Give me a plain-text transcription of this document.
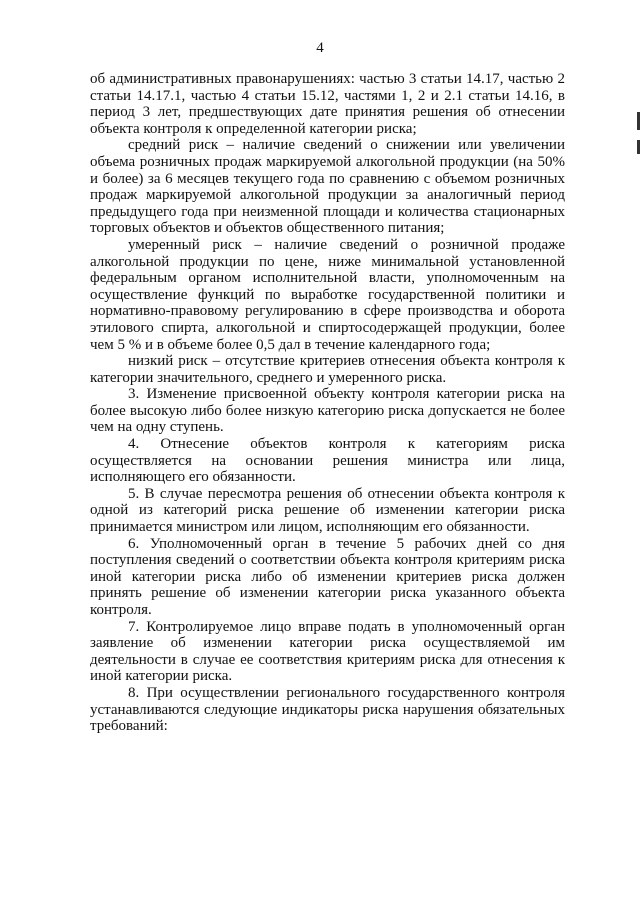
4

об административных правонарушениях: частью 3 статьи 14.17, частью 2 статьи 14.17.1, частью 4 статьи 15.12, частями 1, 2 и 2.1 статьи 14.16, в период 3 лет, предшествующих дате принятия решения об отнесении объекта контроля к определенной категории риска;

средний риск – наличие сведений о снижении или увеличении объема розничных продаж маркируемой алкогольной продукции (на 50% и более) за 6 месяцев текущего года по сравнению с объемом розничных продаж маркируемой алкогольной продукции за аналогичный период предыдущего года при неизменной площади и количества стационарных торговых объектов и объектов общественного питания;

умеренный риск – наличие сведений о розничной продаже алкогольной продукции по цене, ниже минимальной установленной федеральным органом исполнительной власти, уполномоченным на осуществление функций по выработке государственной политики и нормативно-правовому регулированию в сфере производства и оборота этилового спирта, алкогольной и спиртосодержащей продукции, более чем 5 % и в объеме более 0,5 дал в течение календарного года;

низкий риск – отсутствие критериев отнесения объекта контроля к категории значительного, среднего и умеренного риска.

3. Изменение присвоенной объекту контроля категории риска на более высокую либо более низкую категорию риска допускается не более чем на одну ступень.

4. Отнесение объектов контроля к категориям риска осуществляется на основании решения министра или лица, исполняющего его обязанности.

5. В случае пересмотра решения об отнесении объекта контроля к одной из категорий риска решение об изменении категории риска принимается министром или лицом, исполняющим его обязанности.

6. Уполномоченный орган в течение 5 рабочих дней со дня поступления сведений о соответствии объекта контроля критериям риска иной категории риска либо об изменении критериев риска должен принять решение об изменении категории риска указанного объекта контроля.

7. Контролируемое лицо вправе подать в уполномоченный орган заявление об изменении категории риска осуществляемой им деятельности в случае ее соответствия критериям риска для отнесения к иной категории риска.

8. При осуществлении регионального государственного контроля устанавливаются следующие индикаторы риска нарушения обязательных требований:
